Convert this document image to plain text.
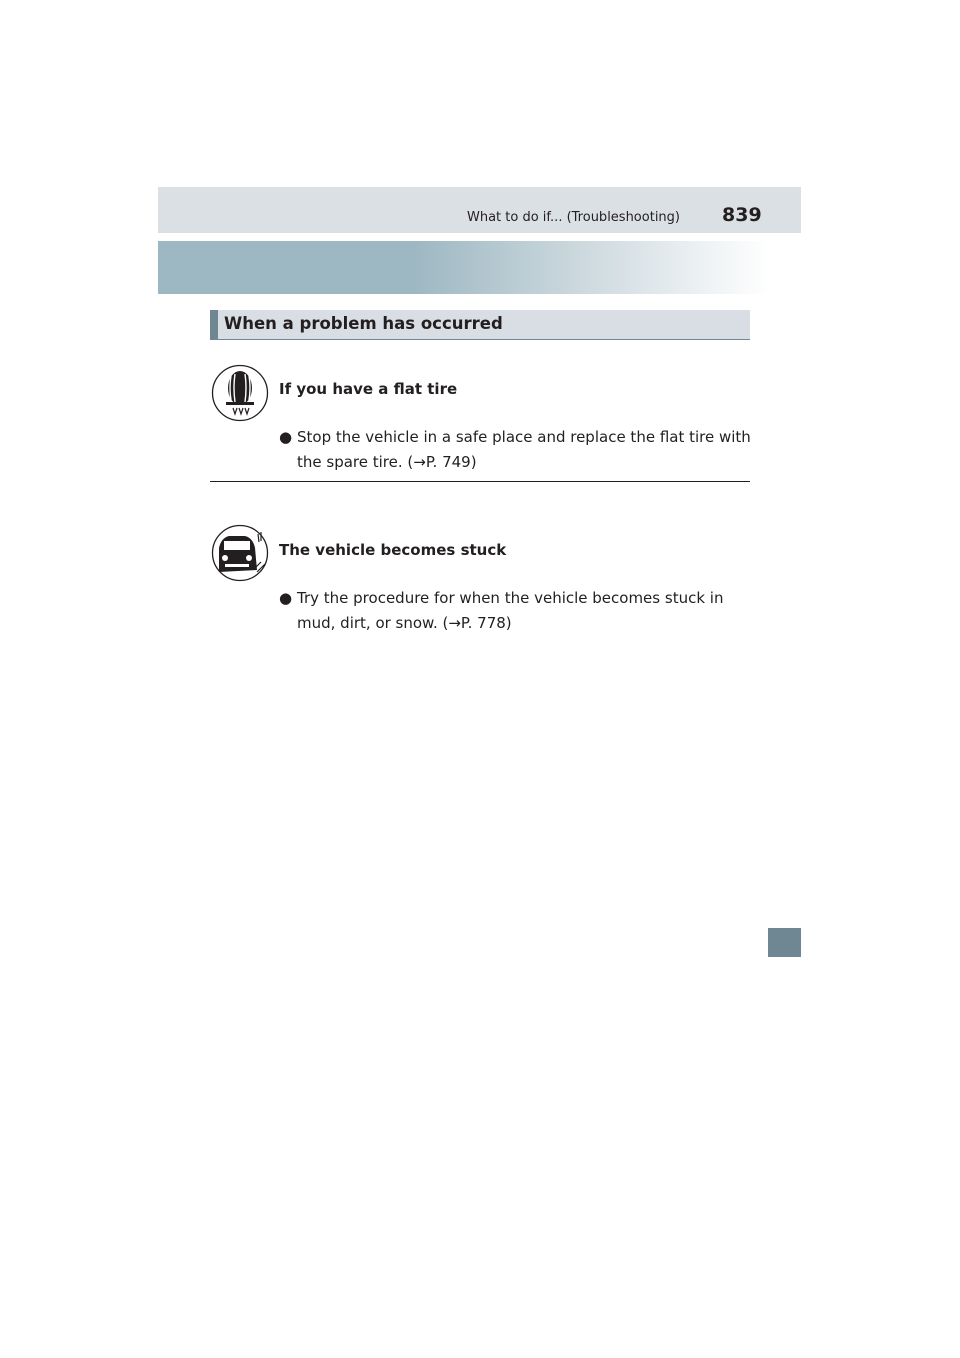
What to do if... (Troubleshooting) 839
When a problem has occurred
If you have a flat tire
● Stop the vehicle in a safe place and replace the flat tire with the spare tire. (→P. 749)
The vehicle becomes stuck
● Try the procedure for when the vehicle becomes stuck in mud, dirt, or snow. (→P. 778)
